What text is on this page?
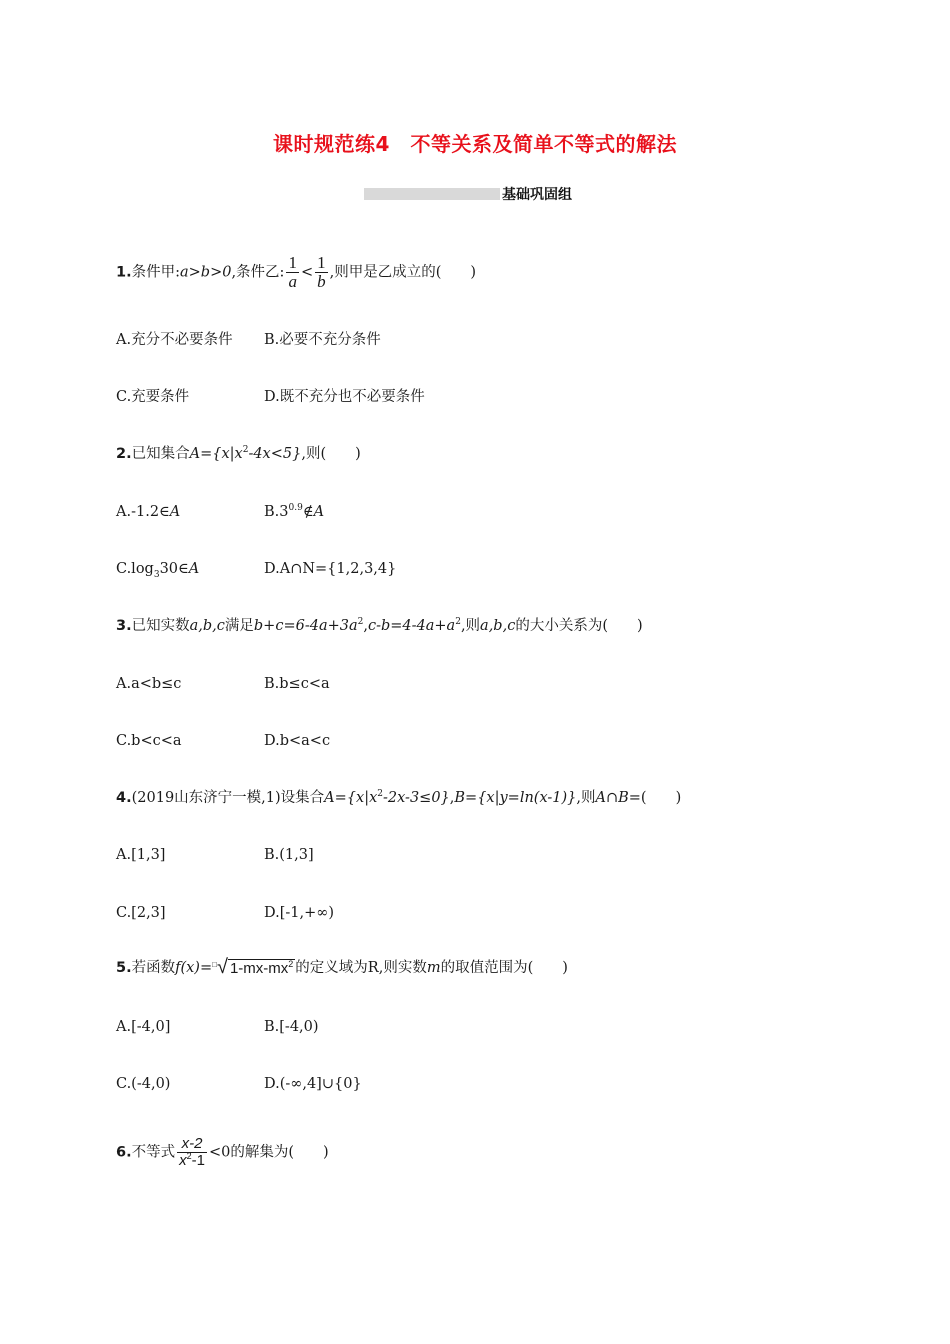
课时规范练4　不等关系及简单不等式的解法
基础巩固组
1.条件甲:a>b>0,条件乙: $\frac{1}{a} < \frac{1}{b}$ ,则甲是乙成立的(　　)
A.充分不必要条件 B.必要不充分条件
C.充要条件	D.既不充分也不必要条件
2.已知集合$A=\{x|x^2-4x<5\}$,则(　　)
A.-1.2∈A	$B.3^{0.9}\notin A$
$C.\log_330\in A$	D.A∩N={1,2,3,4}
3.已知实数a,b,c满足$b+c=6-4a+3a^2,c-b=4-4a+a^2$,则a,b,c的大小关系为(　　)
A.a<b≤c	B.b≤c<a
C.b<c<a	D.b<a<c
4.(2019山东济宁一模,1)设集合$A=\{x|x^2-2x-3\le 0\},B=\{x|y=\ln(x-1)\}$,则A∩B=(　　)
A.[1,3]	B.(1,3]
C.[2,3]	D.[-1,+∞)
5.若函数f(x)=□√ $1-mx-mx^2$ 的定义域为R,则实数m的取值范围为(　　)
A.[-4,0]	B.[-4,0)
C.(-4,0)	D.(-∞,4]∪{0}
6.不等式 $\frac{x-2}{x^2-1} <0$的解集为(　　)
